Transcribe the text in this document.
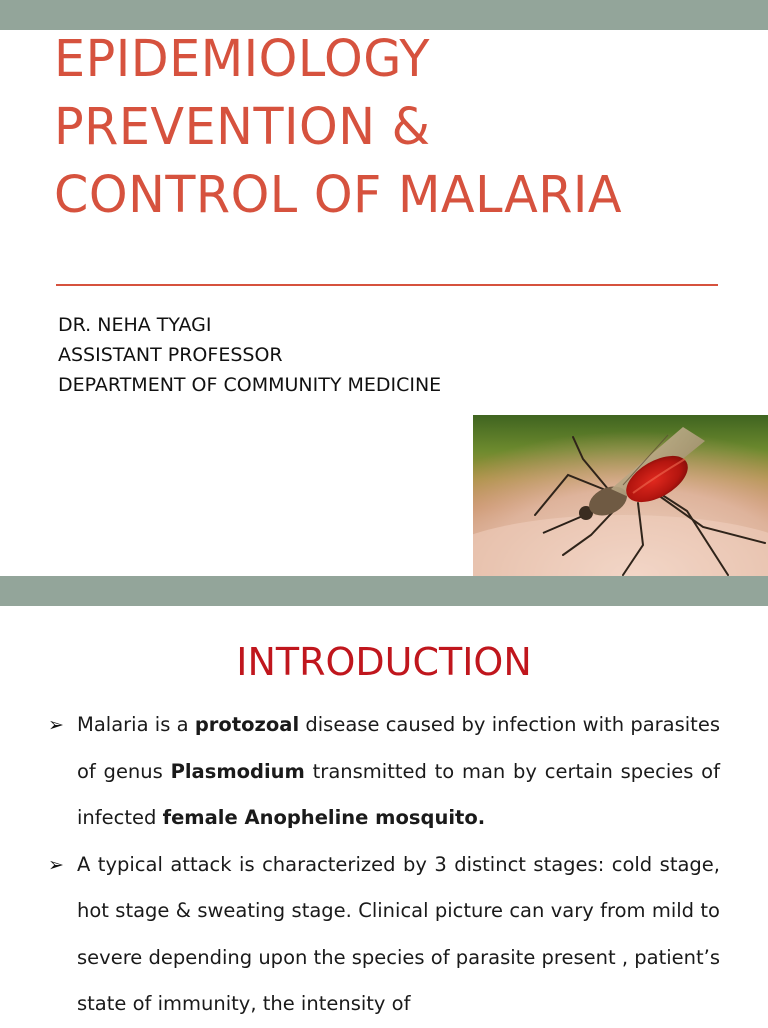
EPIDEMIOLOGY
PREVENTION &
CONTROL OF MALARIA
DR. NEHA TYAGI
ASSISTANT PROFESSOR
DEPARTMENT OF COMMUNITY MEDICINE
INTRODUCTION
➢ Malaria is a protozoal disease caused by infection with parasites of genus Plasmodium transmitted to man by certain species of infected female Anopheline mosquito.
➢ A typical attack is characterized by 3 distinct stages: cold stage, hot stage & sweating stage. Clinical picture can vary from mild to severe depending upon the species of parasite present , patient’s state of immunity, the intensity of
